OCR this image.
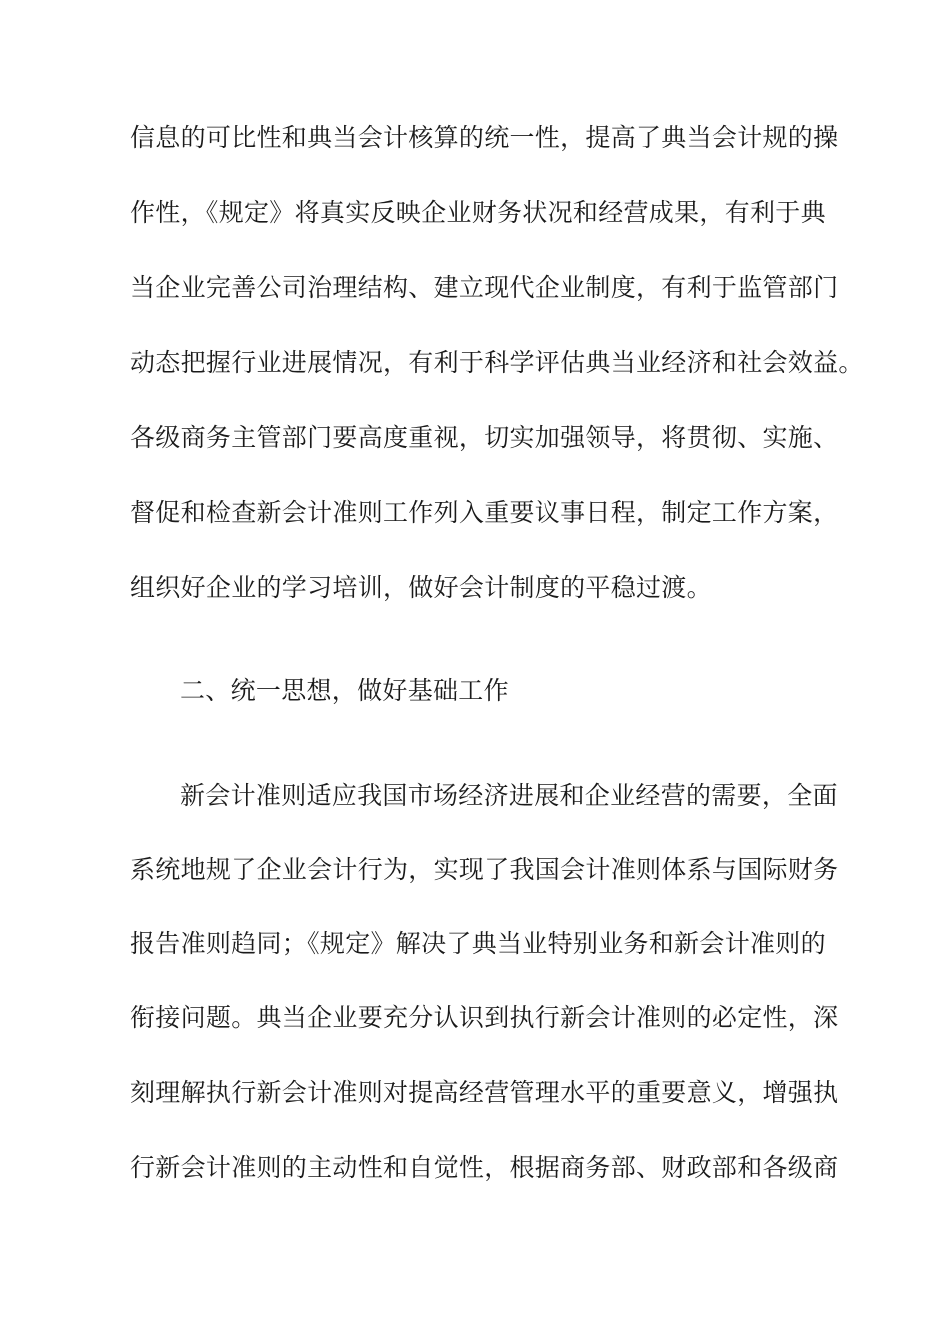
信息的可比性和典当会计核算的统一性，提高了典当会计规的操
作性，《规定》将真实反映企业财务状况和经营成果，有利于典
当企业完善公司治理结构、建立现代企业制度，有利于监管部门
动态把握行业进展情况，有利于科学评估典当业经济和社会效益。
各级商务主管部门要高度重视，切实加强领导，将贯彻、实施、
督促和检查新会计准则工作列入重要议事日程，制定工作方案，
组织好企业的学习培训，做好会计制度的平稳过渡。
二、统一思想，做好基础工作
新会计准则适应我国市场经济进展和企业经营的需要，全面
系统地规了企业会计行为，实现了我国会计准则体系与国际财务
报告准则趋同；《规定》解决了典当业特别业务和新会计准则的
衔接问题。典当企业要充分认识到执行新会计准则的必定性，深
刻理解执行新会计准则对提高经营管理水平的重要意义，增强执
行新会计准则的主动性和自觉性，根据商务部、财政部和各级商
